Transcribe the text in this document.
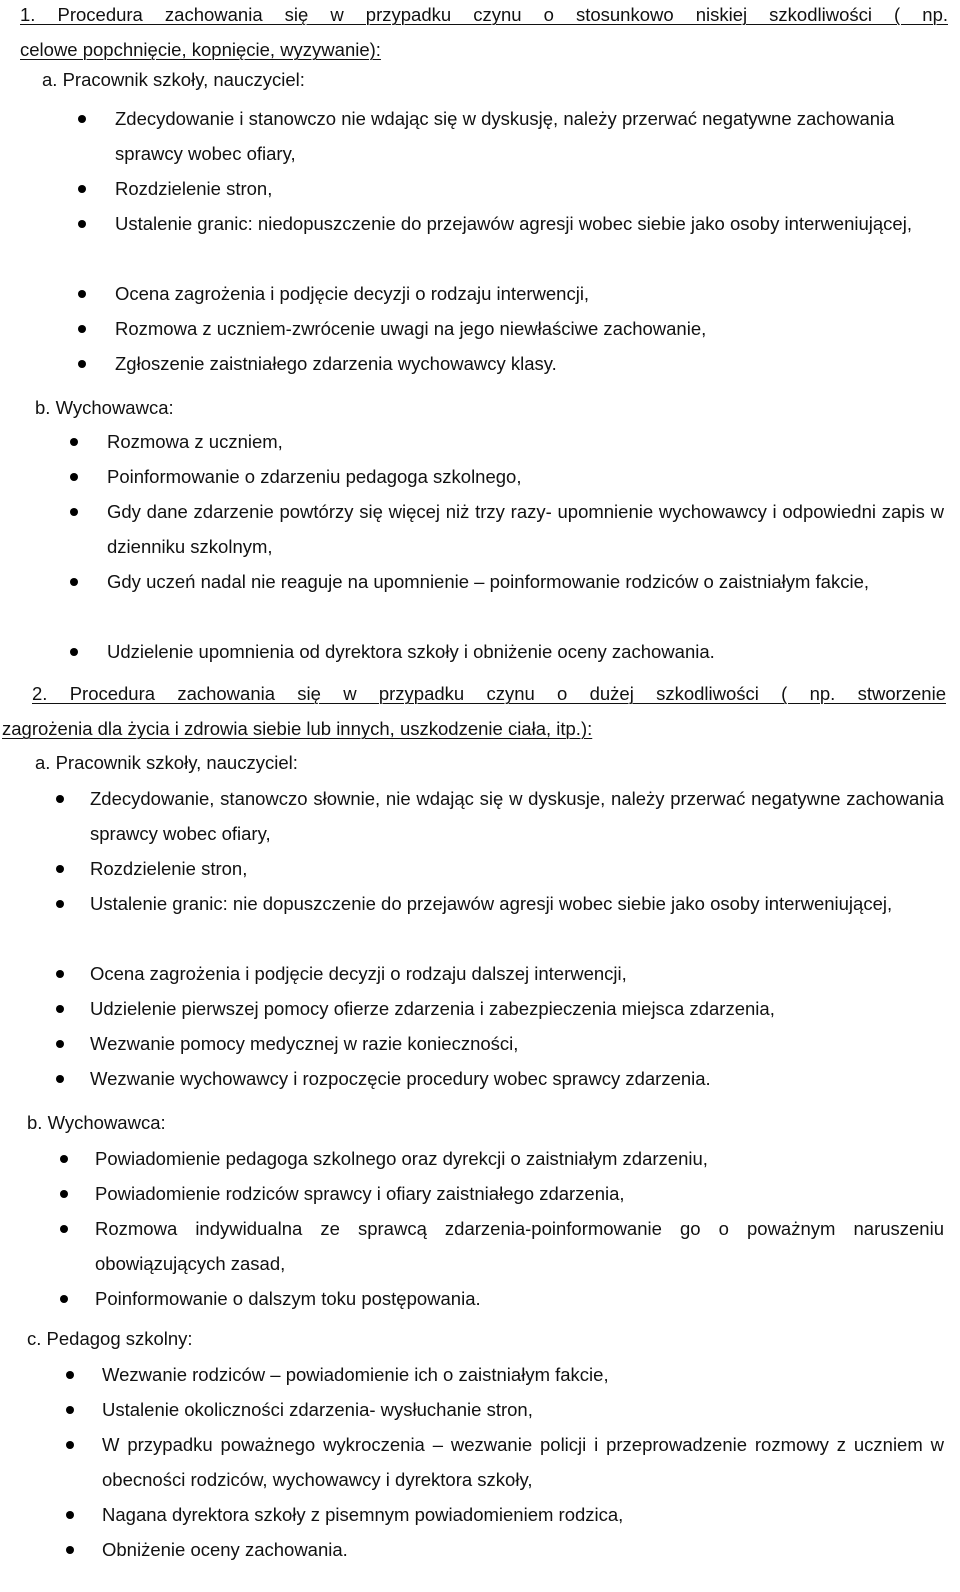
1. Procedura zachowania się w przypadku czynu o stosunkowo niskiej szkodliwości ( np.
celowe popchnięcie, kopnięcie, wyzywanie):
a. Pracownik szkoły, nauczyciel:
Zdecydowanie i stanowczo nie wdając się w dyskusję, należy przerwać negatywne zachowania sprawcy wobec ofiary,
Rozdzielenie stron,
Ustalenie granic: niedopuszczenie do przejawów agresji wobec siebie jako osoby interweniującej,
Ocena zagrożenia i podjęcie decyzji o rodzaju interwencji,
Rozmowa z uczniem-zwrócenie uwagi na jego niewłaściwe zachowanie,
Zgłoszenie zaistniałego zdarzenia wychowawcy klasy.
b. Wychowawca:
Rozmowa z uczniem,
Poinformowanie o zdarzeniu pedagoga szkolnego,
Gdy dane zdarzenie powtórzy się więcej niż trzy razy- upomnienie wychowawcy i odpowiedni zapis w dzienniku szkolnym,
Gdy uczeń nadal nie reaguje na upomnienie – poinformowanie rodziców o zaistniałym fakcie,
Udzielenie upomnienia od dyrektora szkoły i obniżenie oceny zachowania.
2. Procedura zachowania się w przypadku czynu o dużej szkodliwości ( np. stworzenie
zagrożenia dla życia i zdrowia siebie lub innych, uszkodzenie ciała, itp.):
a. Pracownik szkoły, nauczyciel:
Zdecydowanie, stanowczo słownie, nie wdając się w dyskusje, należy przerwać negatywne zachowania sprawcy wobec ofiary,
Rozdzielenie stron,
Ustalenie granic: nie dopuszczenie do przejawów agresji wobec siebie jako osoby interweniującej,
Ocena zagrożenia i podjęcie decyzji o rodzaju dalszej interwencji,
Udzielenie pierwszej pomocy ofierze zdarzenia i zabezpieczenia miejsca zdarzenia,
Wezwanie pomocy medycznej w razie konieczności,
Wezwanie wychowawcy i rozpoczęcie procedury wobec sprawcy zdarzenia.
b. Wychowawca:
Powiadomienie pedagoga szkolnego oraz dyrekcji o zaistniałym zdarzeniu,
Powiadomienie rodziców sprawcy i ofiary zaistniałego zdarzenia,
Rozmowa indywidualna ze sprawcą zdarzenia-poinformowanie go o poważnym naruszeniu obowiązujących zasad,
Poinformowanie o dalszym toku postępowania.
c. Pedagog szkolny:
Wezwanie rodziców – powiadomienie ich o zaistniałym fakcie,
Ustalenie okoliczności zdarzenia- wysłuchanie stron,
W przypadku poważnego wykroczenia – wezwanie policji i przeprowadzenie rozmowy z uczniem w obecności rodziców, wychowawcy i dyrektora szkoły,
Nagana dyrektora szkoły z pisemnym powiadomieniem rodzica,
Obniżenie oceny zachowania.
